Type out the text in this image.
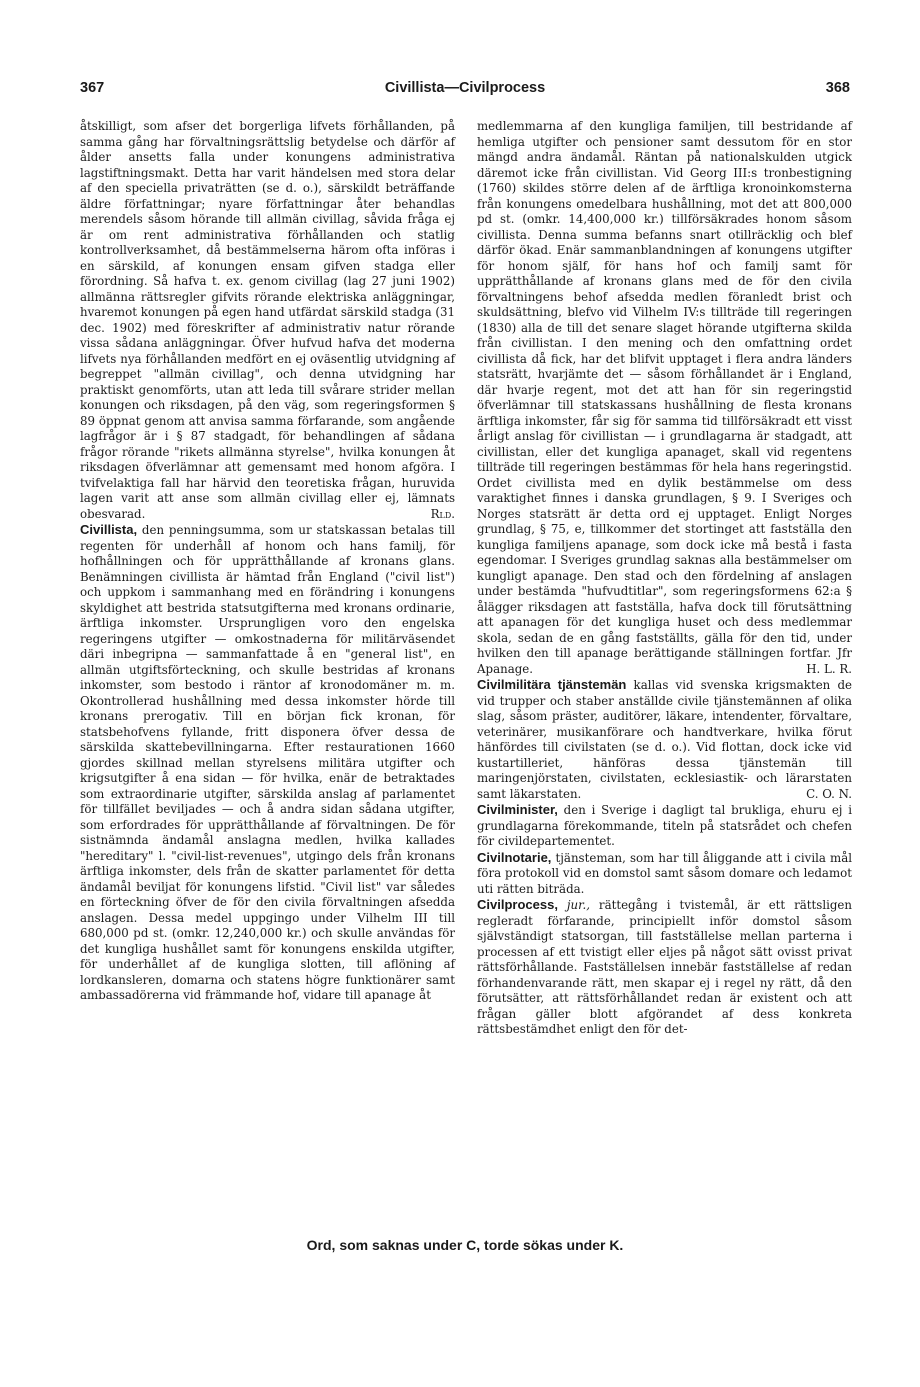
367	Civillista—Civilprocess	368

åtskilligt, som afser det borgerliga lifvets förhållanden, på samma gång har förvaltningsrättslig betydelse och därför af ålder ansetts falla under konungens administrativa lagstiftningsmakt. Detta har varit händelsen med stora delar af den speciella privaträtten (se d. o.), särskildt beträffande äldre författningar; nyare författningar åter behandlas merendels såsom hörande till allmän civillag, såvida fråga ej är om rent administrativa förhållanden och statlig kontrollverksamhet, då bestämmelserna härom ofta införas i en särskild, af konungen ensam gifven stadga eller förordning. Så hafva t. ex. genom civillag (lag 27 juni 1902) allmänna rättsregler gifvits rörande elektriska anläggningar, hvaremot konungen på egen hand utfärdat särskild stadga (31 dec. 1902) med föreskrifter af administrativ natur rörande vissa sådana anläggningar. Öfver hufvud hafva det moderna lifvets nya förhållanden medfört en ej oväsentlig utvidgning af begreppet "allmän civillag", och denna utvidgning har praktiskt genomförts, utan att leda till svårare strider mellan konungen och riksdagen, på den väg, som regeringsformen § 89 öppnat genom att anvisa samma förfarande, som angående lagfrågor är i § 87 stadgadt, för behandlingen af sådana frågor rörande "rikets allmänna styrelse", hvilka konungen åt riksdagen öfverlämnar att gemensamt med honom afgöra. I tvifvelaktiga fall har härvid den teoretiska frågan, huruvida lagen varit att anse som allmän civillag eller ej, lämnats obesvarad.	Rld.

Civillista, den penningsumma, som ur statskassan betalas till regenten för underhåll af honom och hans familj, för hofhållningen och för upprätthållande af kronans glans. Benämningen civillista är hämtad från England ("civil list") och uppkom i sammanhang med en förändring i konungens skyldighet att bestrida statsutgifterna med kronans ordinarie, ärftliga inkomster. Ursprungligen voro den engelska regeringens utgifter — omkostnaderna för militärväsendet däri inbegripna — sammanfattade å en "general list", en allmän utgiftsförteckning, och skulle bestridas af kronans inkomster, som bestodo i räntor af kronodomäner m. m. Okontrollerad hushållning med dessa inkomster hörde till kronans prerogativ. Till en början fick kronan, för statsbehofvens fyllande, fritt disponera öfver dessa de särskilda skattebevillningarna. Efter restaurationen 1660 gjordes skillnad mellan styrelsens militära utgifter och krigsutgifter å ena sidan — för hvilka, enär de betraktades som extraordinarie utgifter, särskilda anslag af parlamentet för tillfället beviljades — och å andra sidan sådana utgifter, som erfordrades för upprätthållande af förvaltningen. De för sistnämnda ändamål anslagna medlen, hvilka kallades "hereditary" l. "civil-list-revenues", utgingo dels från kronans ärftliga inkomster, dels från de skatter parlamentet för detta ändamål beviljat för konungens lifstid. "Civil list" var således en förteckning öfver de för den civila förvaltningen afsedda anslagen. Dessa medel uppgingo under Vilhelm III till 680,000 pd st. (omkr. 12,240,000 kr.) och skulle användas för det kungliga hushållet samt för konungens enskilda utgifter, för underhållet af de kungliga slotten, till aflöning af lordkansleren, domarna och statens högre funktionärer samt ambassadörerna vid främmande hof, vidare till apanage åt

medlemmarna af den kungliga familjen, till bestridande af hemliga utgifter och pensioner samt dessutom för en stor mängd andra ändamål. Räntan på nationalskulden utgick däremot icke från civillistan. Vid Georg III:s tronbestigning (1760) skildes större delen af de ärftliga kronoinkomsterna från konungens omedelbara hushållning, mot det att 800,000 pd st. (omkr. 14,400,000 kr.) tillförsäkrades honom såsom civillista. Denna summa befanns snart otillräcklig och blef därför ökad. Enär sammanblandningen af konungens utgifter för honom själf, för hans hof och familj samt för upprätthållande af kronans glans med de för den civila förvaltningens behof afsedda medlen föranledt brist och skuldsättning, blefvo vid Vilhelm IV:s tillträde till regeringen (1830) alla de till det senare slaget hörande utgifterna skilda från civillistan. I den mening och den omfattning ordet civillista då fick, har det blifvit upptaget i flera andra länders statsrätt, hvarjämte det — såsom förhållandet är i England, där hvarje regent, mot det att han för sin regeringstid öfverlämnar till statskassans hushållning de flesta kronans ärftliga inkomster, får sig för samma tid tillförsäkradt ett visst årligt anslag för civillistan — i grundlagarna är stadgadt, att civillistan, eller det kungliga apanaget, skall vid regentens tillträde till regeringen bestämmas för hela hans regeringstid. Ordet civillista med en dylik bestämmelse om dess varaktighet finnes i danska grundlagen, § 9. I Sveriges och Norges statsrätt är detta ord ej upptaget. Enligt Norges grundlag, § 75, e, tillkommer det stortinget att fastställa den kungliga familjens apanage, som dock icke må bestå i fasta egendomar. I Sveriges grundlag saknas alla bestämmelser om kungligt apanage. Den stad och den fördelning af anslagen under bestämda "hufvudtitlar", som regeringsformens 62:a § ålägger riksdagen att fastställa, hafva dock till förutsättning att apanagen för det kungliga huset och dess medlemmar skola, sedan de en gång fastställts, gälla för den tid, under hvilken den till apanage berättigande ställningen fortfar. Jfr Apanage.	H. L. R.

Civilmilitära tjänstemän kallas vid svenska krigsmakten de vid trupper och staber anställde civile tjänstemännen af olika slag, såsom präster, auditörer, läkare, intendenter, förvaltare, veterinärer, musikanförare och handtverkare, hvilka förut hänfördes till civilstaten (se d. o.). Vid flottan, dock icke vid kustartilleriet, hänföras dessa tjänstemän till maringenjörstaten, civilstaten, ecklesiastik- och lärarstaten samt läkarstaten.	C. O. N.

Civilminister, den i Sverige i dagligt tal brukliga, ehuru ej i grundlagarna förekommande, titeln på statsrådet och chefen för civildepartementet.

Civilnotarie, tjänsteman, som har till åliggande att i civila mål föra protokoll vid en domstol samt såsom domare och ledamot uti rätten biträda.

Civilprocess, jur., rättegång i tvistemål, är ett rättsligen regleradt förfarande, principiellt inför domstol såsom självständigt statsorgan, till fastställelse mellan parterna i processen af ett tvistigt eller eljes på något sätt ovisst privat rättsförhållande. Fastställelsen innebär fastställelse af redan förhandenvarande rätt, men skapar ej i regel ny rätt, då den förutsätter, att rättsförhållandet redan är existent och att frågan gäller blott afgörandet af dess konkreta rättsbestämdhet enligt den för det-

Ord, som saknas under C, torde sökas under K.
